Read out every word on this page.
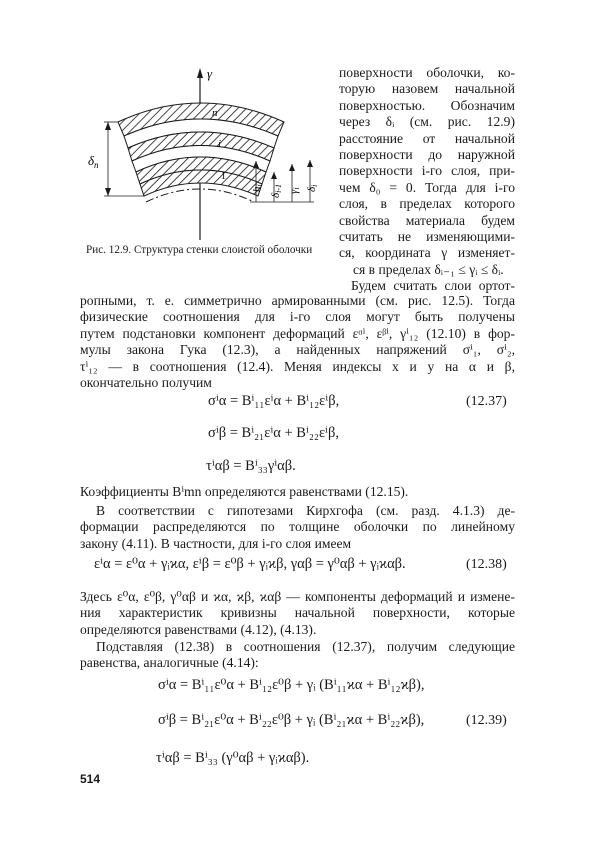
γ
$\delta_n$
n
i
1
hi
δi-1 γi δi
Рис. 12.9. Структура стенки слоистой оболочки
поверхности оболочки, ко-
торую назовем начальной
поверхностью. Обозначим
через δᵢ (см. рис. 12.9)
расстояние от начальной
поверхности до наружной
поверхности i-го слоя, при-
чем δ₀ = 0. Тогда для i-го
слоя, в пределах которого
свойства материала будем
считать не изменяющими-
ся, координата γ изменяет-
ся в пределах δᵢ₋₁ ≤ γᵢ ≤ δᵢ.
Будем считать слои ортот-
ропными, т. е. симметрично армированными (см. рис. 12.5). Тогда
физические соотношения для i-го слоя могут быть получены
путем подстановки компонент деформаций εᵅⁱ, εᵝⁱ, γⁱ₁₂ (12.10) в фор-
мулы закона Гука (12.3), а найденных напряжений σⁱ₁, σⁱ₂,
τⁱ₁₂ — в соотношения (12.4). Меняя индексы x и y на α и β,
окончательно получим
σⁱα = Bⁱ₁₁εⁱα + Bⁱ₁₂εⁱβ,
σⁱβ = Bⁱ₂₁εⁱα + Bⁱ₂₂εⁱβ,
τⁱαβ = Bⁱ₃₃γⁱαβ.
(12.37)
Коэффициенты Bⁱmn определяются равенствами (12.15).
В соответствии с гипотезами Кирхгофа (см. разд. 4.1.3) де-
формации распределяются по толщине оболочки по линейному
закону (4.11). В частности, для i-го слоя имеем
εⁱα = ε⁰α + γᵢϰα, εⁱβ = ε⁰β + γᵢϰβ, γαβ = γ⁰αβ + γᵢϰαβ.	(12.38)
Здесь ε⁰α, ε⁰β, γ⁰αβ и ϰα, ϰβ, ϰαβ — компоненты деформаций и измене-
ния характеристик кривизны начальной поверхности, которые
определяются равенствами (4.12), (4.13).
Подставляя (12.38) в соотношения (12.37), получим следующие
равенства, аналогичные (4.14):
σⁱα = Bⁱ₁₁ε⁰α + Bⁱ₁₂ε⁰β + γᵢ (Bⁱ₁₁ϰα + Bⁱ₁₂ϰβ),
σⁱβ = Bⁱ₂₁ε⁰α + Bⁱ₂₂ε⁰β + γᵢ (Bⁱ₂₁ϰα + Bⁱ₂₂ϰβ),
τⁱαβ = Bⁱ₃₃ (γ⁰αβ + γᵢϰαβ).
(12.39)
514
